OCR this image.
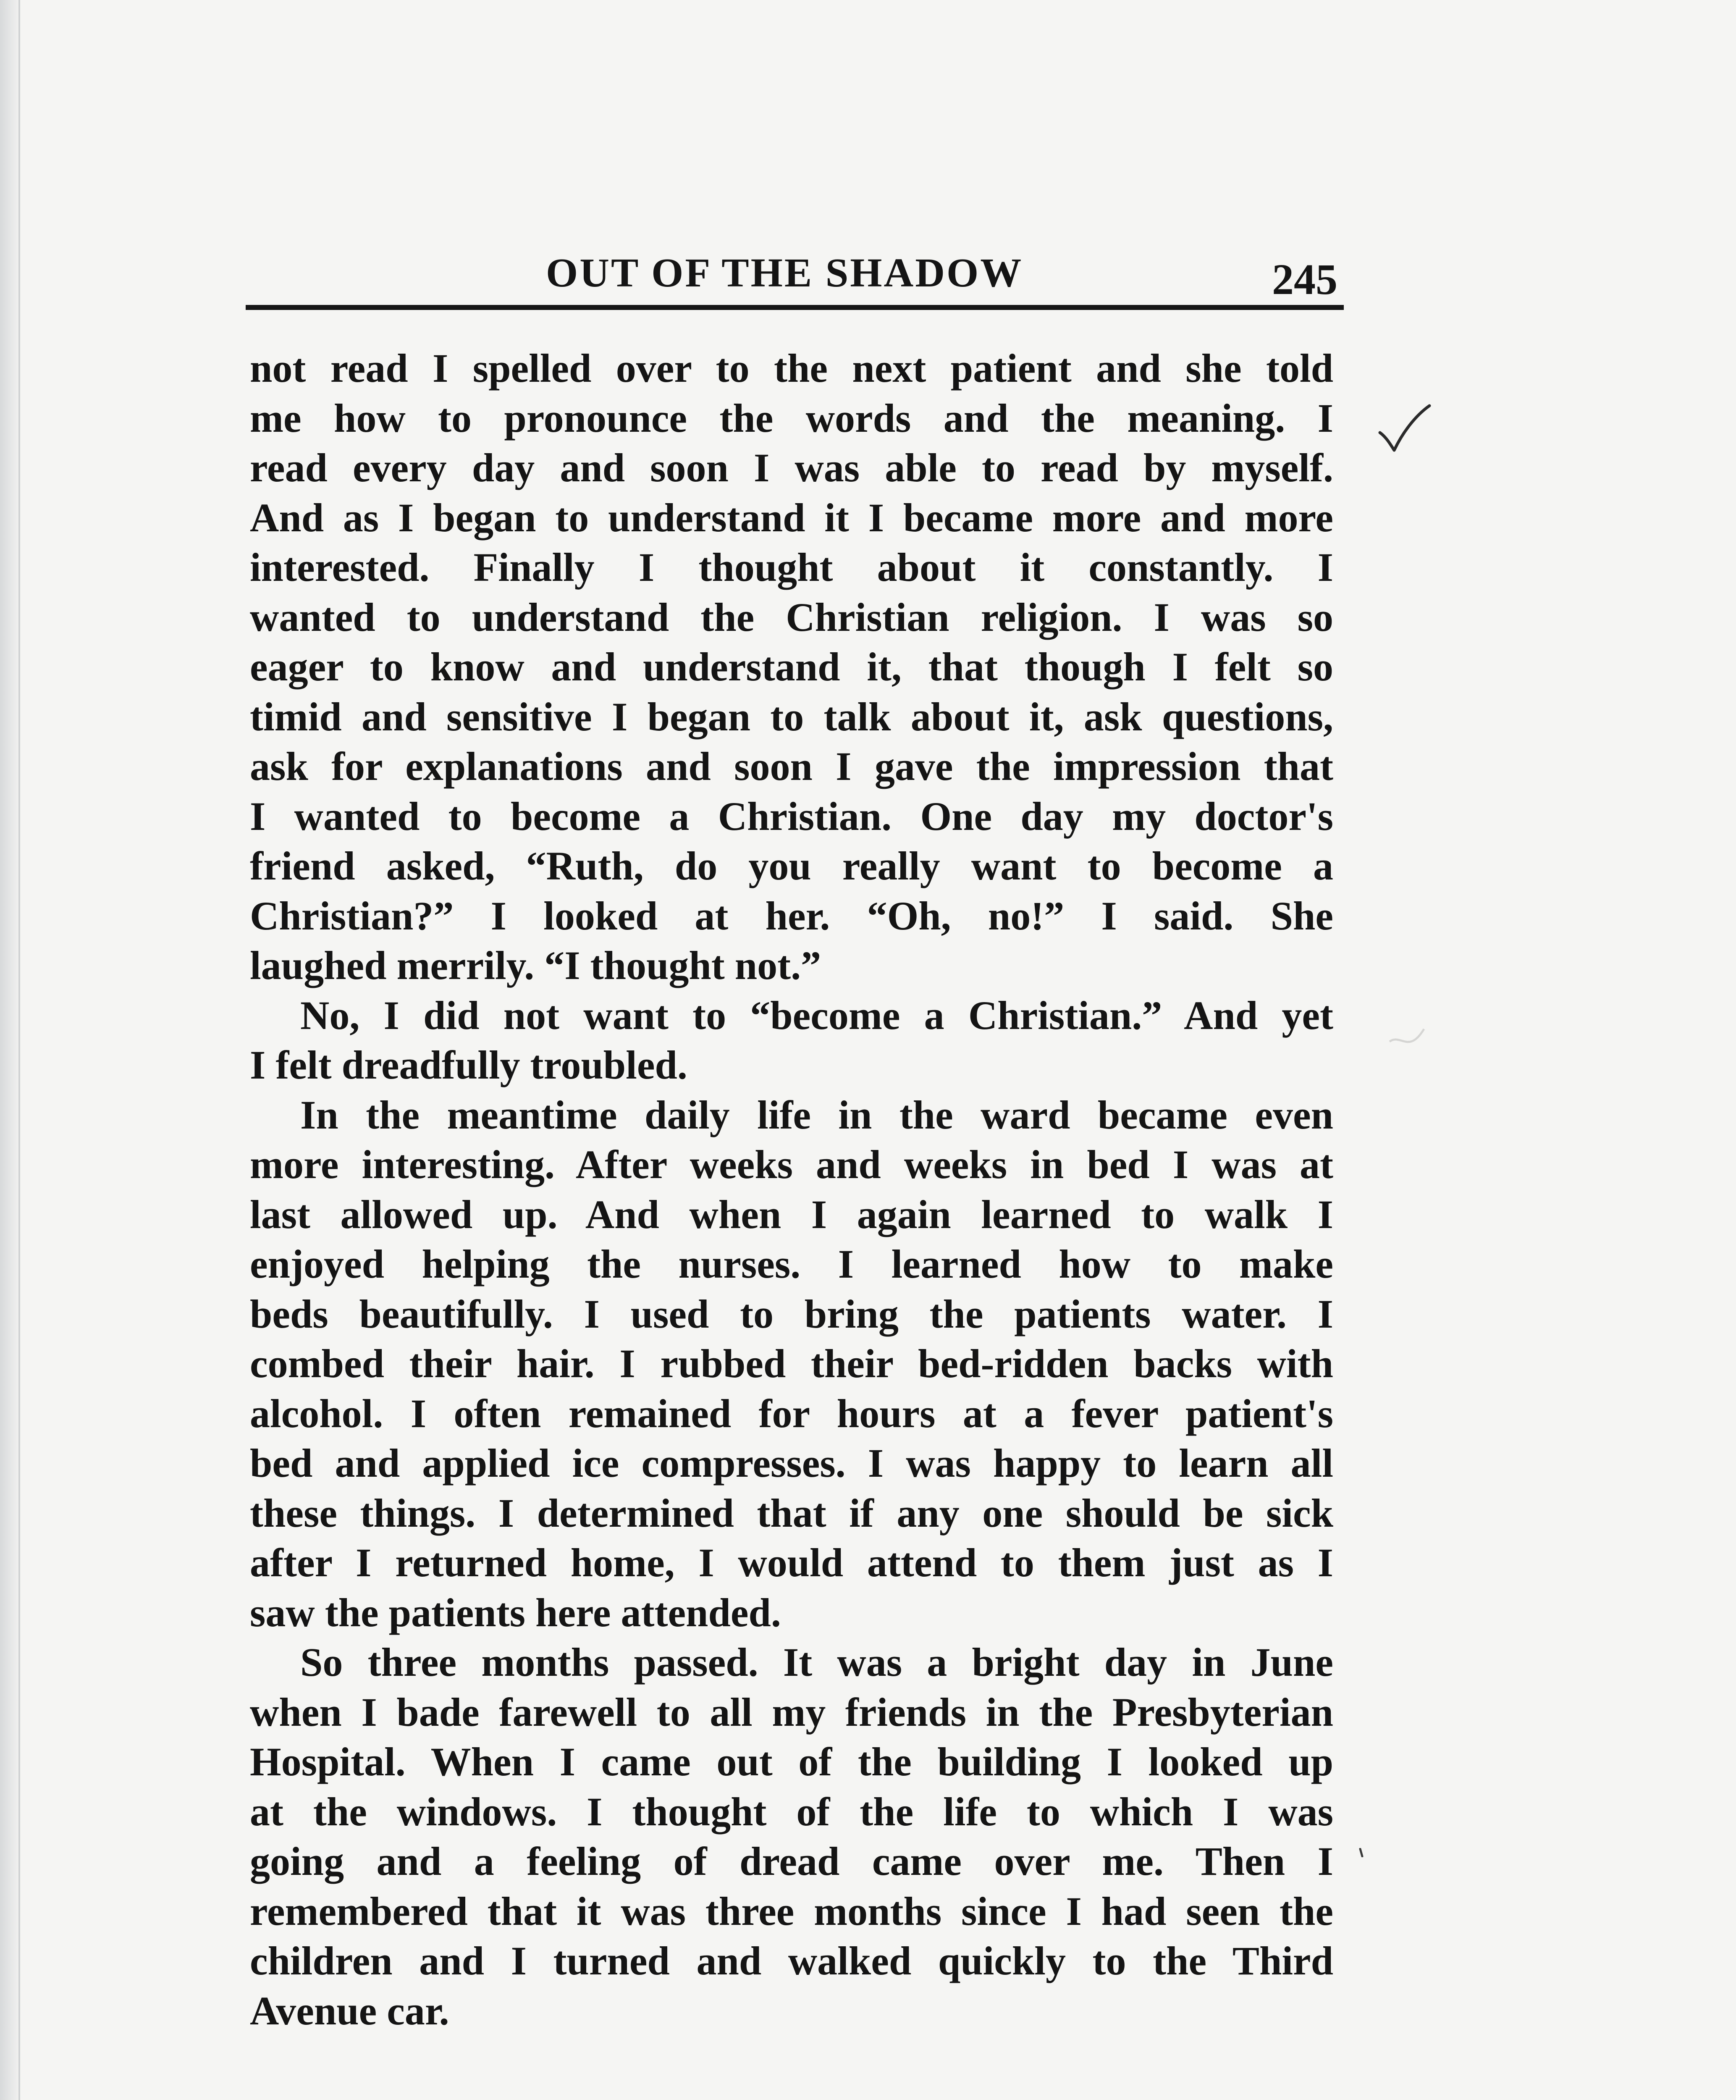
OUT OF THE SHADOW	245
not read I spelled over to the next patient and she told
me how to pronounce the words and the meaning. I
read every day and soon I was able to read by myself.
And as I began to understand it I became more and more
interested. Finally I thought about it constantly. I
wanted to understand the Christian religion. I was so
eager to know and understand it, that though I felt so
timid and sensitive I began to talk about it, ask questions,
ask for explanations and soon I gave the impression that
I wanted to become a Christian. One day my doctor's
friend asked, “Ruth, do you really want to become a
Christian?” I looked at her. “Oh, no!” I said. She
laughed merrily. “I thought not.”
No, I did not want to “become a Christian.” And yet
I felt dreadfully troubled.
In the meantime daily life in the ward became even
more interesting. After weeks and weeks in bed I was at
last allowed up. And when I again learned to walk I
enjoyed helping the nurses. I learned how to make
beds beautifully. I used to bring the patients water. I
combed their hair. I rubbed their bed-ridden backs with
alcohol. I often remained for hours at a fever patient's
bed and applied ice compresses. I was happy to learn all
these things. I determined that if any one should be sick
after I returned home, I would attend to them just as I
saw the patients here attended.
So three months passed. It was a bright day in June
when I bade farewell to all my friends in the Presbyterian
Hospital. When I came out of the building I looked up
at the windows. I thought of the life to which I was
going and a feeling of dread came over me. Then I
remembered that it was three months since I had seen the
children and I turned and walked quickly to the Third
Avenue car.
